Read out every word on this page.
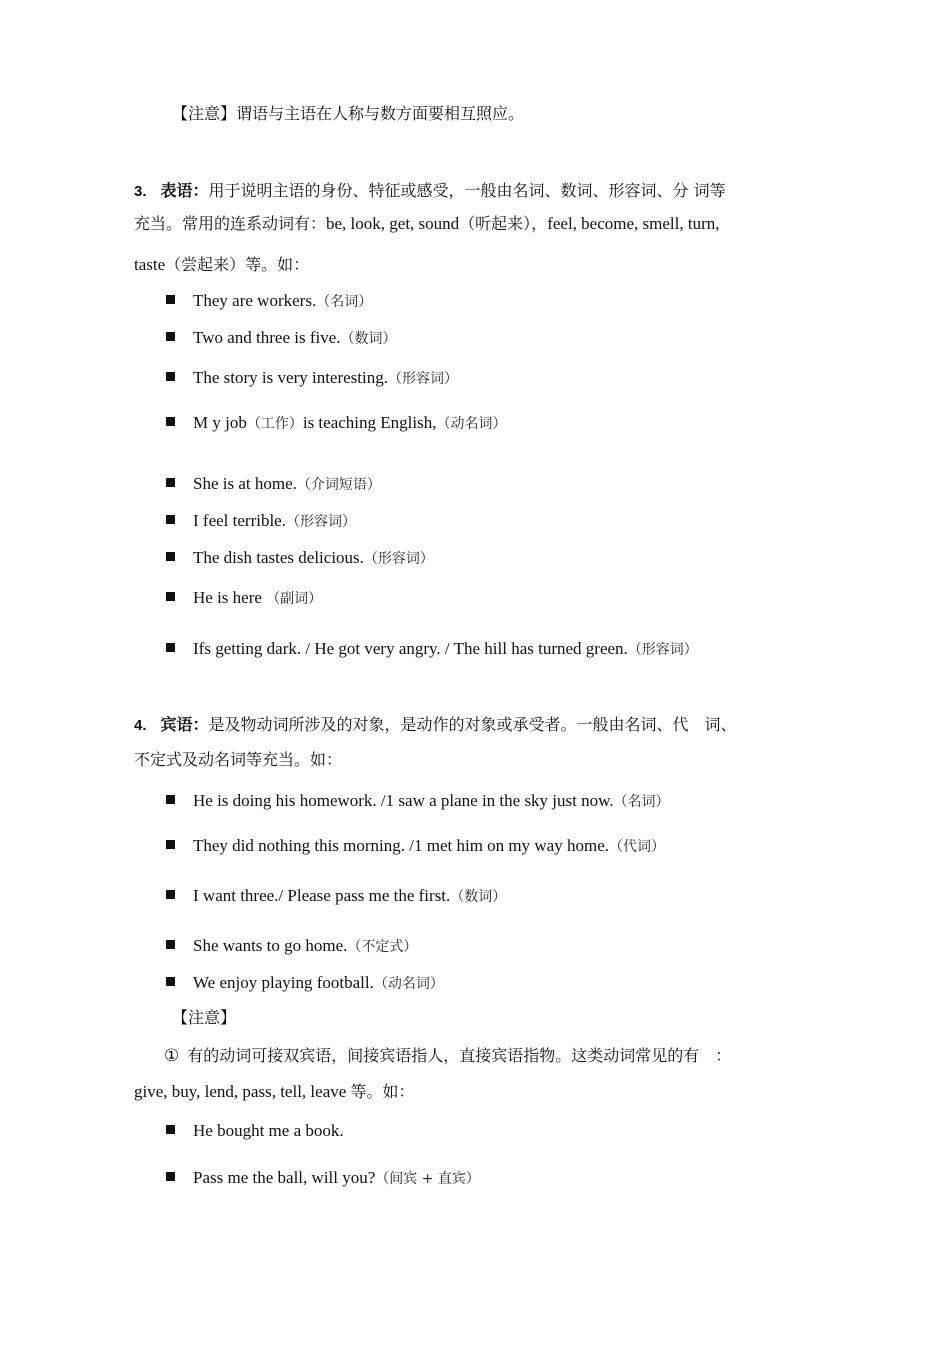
【注意】谓语与主语在人称与数方面要相互照应。
3. 表语：用于说明主语的身份、特征或感受，一般由名词、数词、形容词、分 词等
充当。常用的连系动词有：be, look, get, sound（听起来），feel, become, smell, turn,
taste（尝起来）等。如：
They are workers.（名词）
Two and three is five.（数词）
The story is very interesting.（形容词）
M y job（工作）is teaching English,（动名词）
She is at home.（介词短语）
I feel terrible.（形容词）
The dish tastes delicious.（形容词）
He is here （副词）
Ifs getting dark. / He got very angry. / The hill has turned green.（形容词）
4. 宾语：是及物动词所涉及的对象，是动作的对象或承受者。一般由名词、代　词、
不定式及动名词等充当。如：
He is doing his homework. /1 saw a plane in the sky just now.（名词）
They did nothing this morning. /1 met him on my way home.（代词）
I want three./ Please pass me the first.（数词）
She wants to go home.（不定式）
We enjoy playing football.（动名词）
【注意】
① 有的动词可接双宾语，间接宾语指人，直接宾语指物。这类动词常见的有　：
give, buy, lend, pass, tell, leave 等。如：
He bought me a book.
Pass me the ball, will you?（间宾 + 直宾）
